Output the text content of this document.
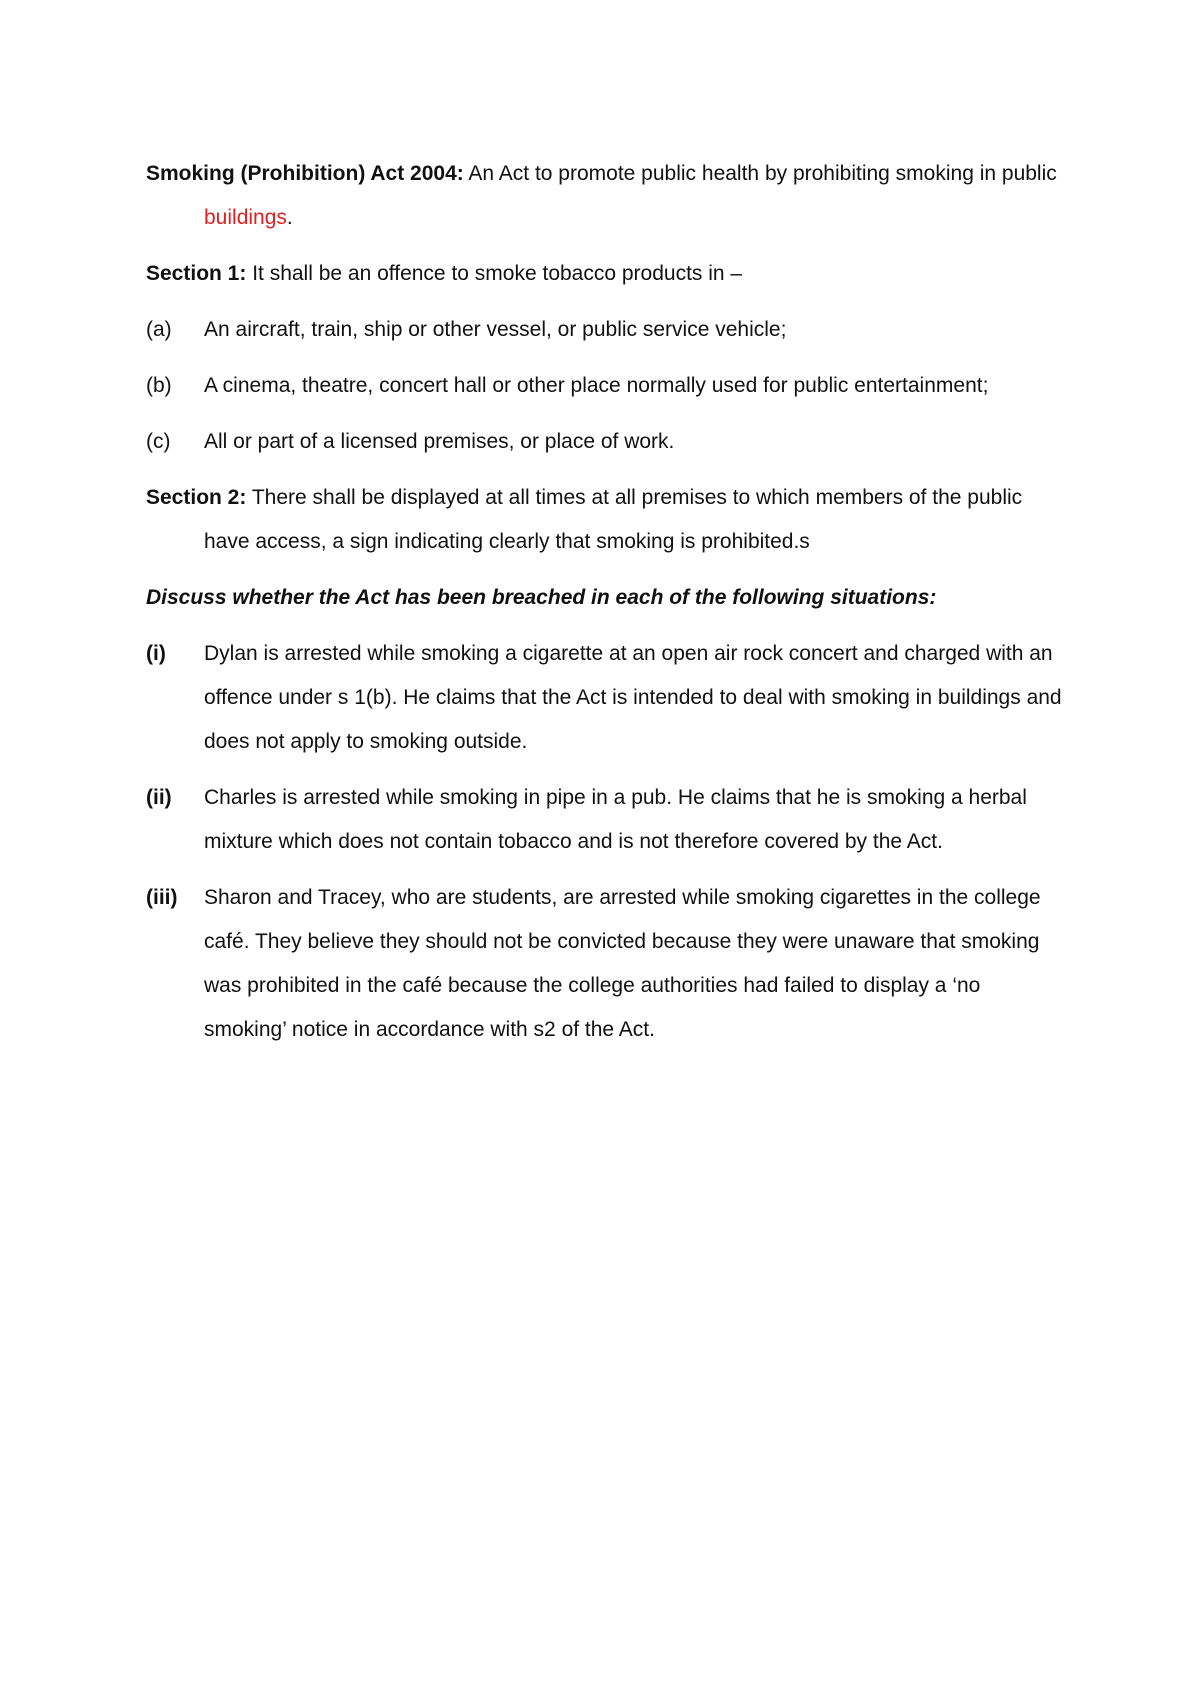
Smoking (Prohibition) Act 2004: An Act to promote public health by prohibiting smoking in public buildings.

Section 1: It shall be an offence to smoke tobacco products in –

(a)	An aircraft, train, ship or other vessel, or public service vehicle;
(b)	A cinema, theatre, concert hall or other place normally used for public entertainment;
(c)	All or part of a licensed premises, or place of work.

Section 2: There shall be displayed at all times at all premises to which members of the public have access, a sign indicating clearly that smoking is prohibited.s

Discuss whether the Act has been breached in each of the following situations:

(i)	Dylan is arrested while smoking a cigarette at an open air rock concert and charged with an offence under s 1(b). He claims that the Act is intended to deal with smoking in buildings and does not apply to smoking outside.
(ii)	Charles is arrested while smoking in pipe in a pub. He claims that he is smoking a herbal mixture which does not contain tobacco and is not therefore covered by the Act.
(iii)	Sharon and Tracey, who are students, are arrested while smoking cigarettes in the college café. They believe they should not be convicted because they were unaware that smoking was prohibited in the café because the college authorities had failed to display a ‘no smoking’ notice in accordance with s2 of the Act.
